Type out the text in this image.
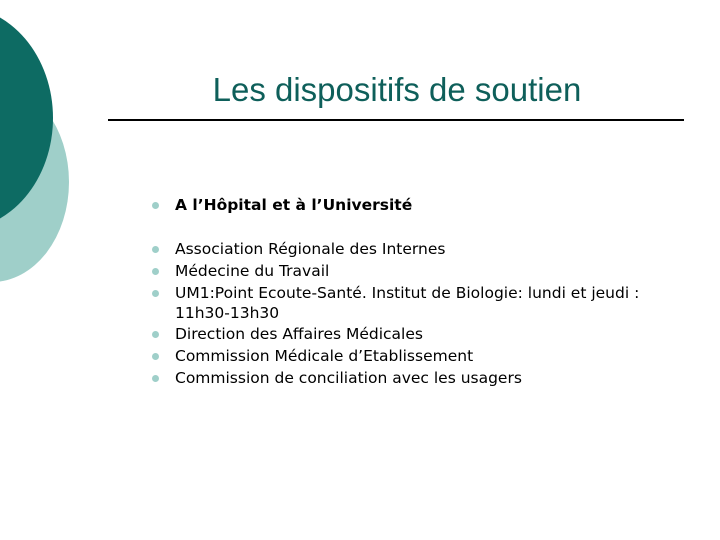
Les dispositifs de soutien
A l’Hôpital et à l’Université
Association Régionale des Internes
Médecine du Travail
UM1:Point Ecoute-Santé. Institut de Biologie: lundi et jeudi : 11h30-13h30
Direction des Affaires Médicales
Commission Médicale d’Etablissement
Commission de conciliation avec les usagers
